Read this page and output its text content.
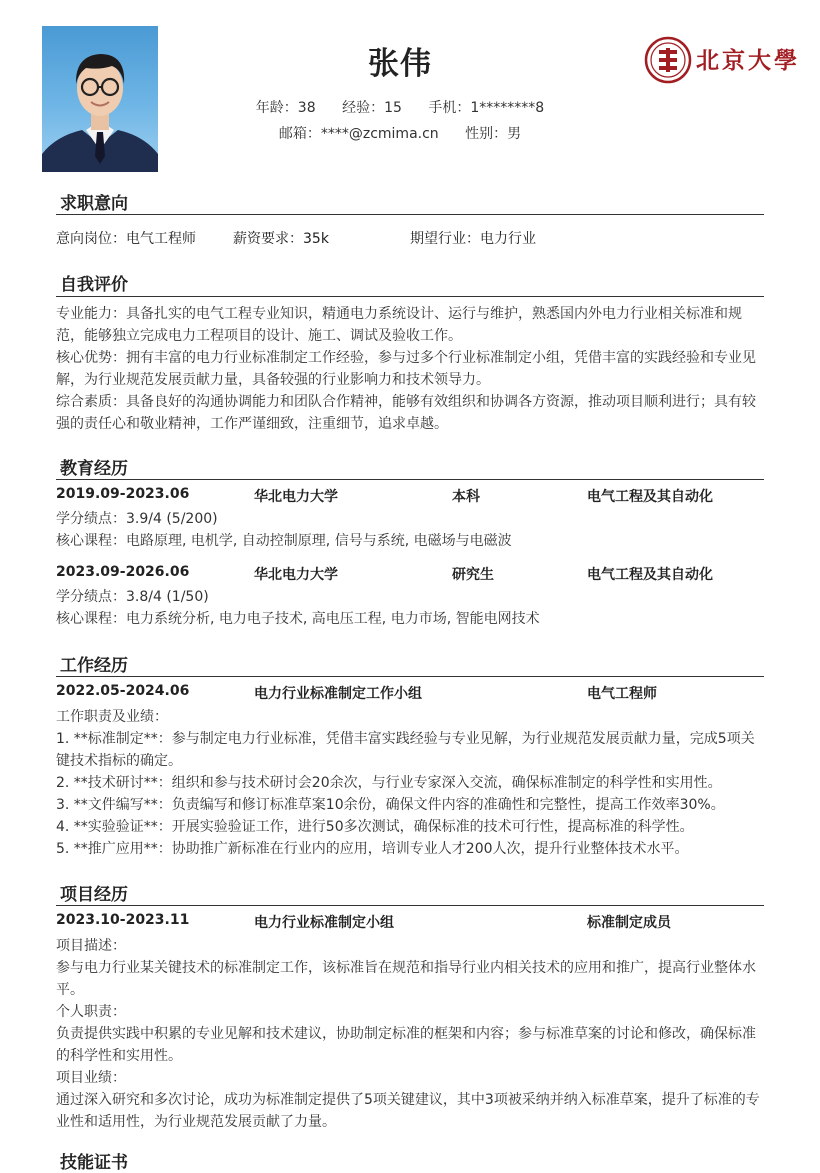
张伟
年龄：38 经验：15 手机：1********8
邮箱：****@zcmima.cn 性别：男
北京大學
求职意向
意向岗位：电气工程师	薪资要求：35k	期望行业：电力行业
自我评价
专业能力：具备扎实的电气工程专业知识，精通电力系统设计、运行与维护，熟悉国内外电力行业相关标准和规范，能够独立完成电力工程项目的设计、施工、调试及验收工作。
核心优势：拥有丰富的电力行业标准制定工作经验，参与过多个行业标准制定小组，凭借丰富的实践经验和专业见解，为行业规范发展贡献力量，具备较强的行业影响力和技术领导力。
综合素质：具备良好的沟通协调能力和团队合作精神，能够有效组织和协调各方资源，推动项目顺利进行；具有较强的责任心和敬业精神，工作严谨细致，注重细节，追求卓越。
教育经历
2019.09-2023.06	华北电力大学	本科	电气工程及其自动化
学分绩点：3.9/4 (5/200)
核心课程：电路原理, 电机学, 自动控制原理, 信号与系统, 电磁场与电磁波
2023.09-2026.06	华北电力大学	研究生	电气工程及其自动化
学分绩点：3.8/4 (1/50)
核心课程：电力系统分析, 电力电子技术, 高电压工程, 电力市场, 智能电网技术
工作经历
2022.05-2024.06	电力行业标准制定工作小组	电气工程师
工作职责及业绩：
1. **标准制定**：参与制定电力行业标准，凭借丰富实践经验与专业见解，为行业规范发展贡献力量，完成5项关键技术指标的确定。
2. **技术研讨**：组织和参与技术研讨会20余次，与行业专家深入交流，确保标准制定的科学性和实用性。
3. **文件编写**：负责编写和修订标准草案10余份，确保文件内容的准确性和完整性，提高工作效率30%。
4. **实验验证**：开展实验验证工作，进行50多次测试，确保标准的技术可行性，提高标准的科学性。
5. **推广应用**：协助推广新标准在行业内的应用，培训专业人才200人次，提升行业整体技术水平。
项目经历
2023.10-2023.11	电力行业标准制定小组	标准制定成员
项目描述：
参与电力行业某关键技术的标准制定工作，该标准旨在规范和指导行业内相关技术的应用和推广，提高行业整体水平。
个人职责：
负责提供实践中积累的专业见解和技术建议，协助制定标准的框架和内容；参与标准草案的讨论和修改，确保标准的科学性和实用性。
项目业绩：
通过深入研究和多次讨论，成功为标准制定提供了5项关键建议，其中3项被采纳并纳入标准草案，提升了标准的专业性和适用性，为行业规范发展贡献了力量。
技能证书
